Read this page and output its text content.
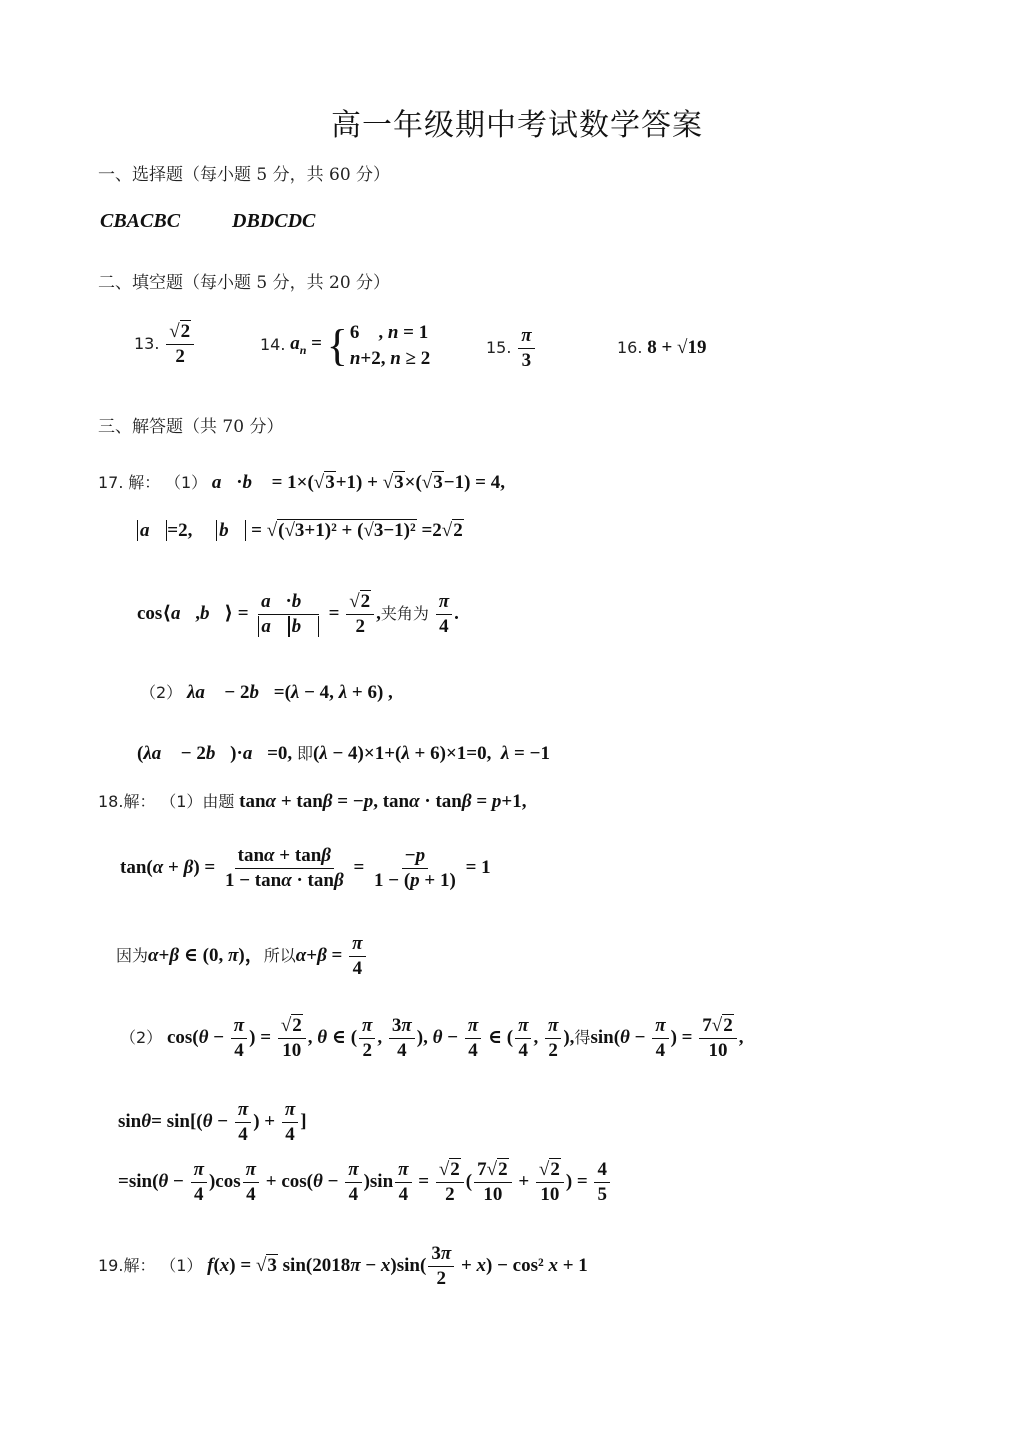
高一年级期中考试数学答案
一、选择题（每小题 5 分，共 60 分）
CBACBC	DBDCDC
二、填空题（每小题 5 分，共 20 分）
13. $\frac{√2}{2}$	14. $a_n$ = { 6    , n = 1
n+2, n ≥ 2
15. $\frac{\pi}{3}$	16. 8 + √19
三、解答题（共 70 分）
17. 解： （1） a⃗·b⃗ = 1×(√3+1) + √3×(√3−1) = 4,
a⃗ =2,     b⃗ = √(√3+1)² + (√3−1)² =2√2
cos⟨a⃗,b⃗⟩ = $\frac{a⃗\cdot b⃗}{a⃗ b⃗} = \frac{√2}{2}$ ,夹角为 $\frac{\pi}{4}$ .
（2） λa⃗ − 2b⃗=(λ − 4, λ + 6) ,
(λa⃗ − 2b⃗)·a⃗=0, 即(λ − 4)×1+(λ + 6)×1=0,  λ = −1
18.解： （1）由题 tanα + tanβ = −p, tanα · tanβ = p+1,
$\tan(\alpha + \beta) = \frac{\tan\alpha + \tan\beta}{1 - \tan\alpha \cdot \tan\beta} = \frac{-p}{1 - (p + 1)} = 1$
因为α+β ∈ (0, π)，所以$\alpha+\beta = \frac{\pi}{4}$
（2） $\cos(\theta - \frac{\pi}{4}$ ) = $\frac{√2}{10}$ , θ ∈ ( $\frac{\pi}{2}$ , $\frac{3\pi}{4}$ ), $\theta - \frac{\pi}{4}$ ∈ ( $\frac{\pi}{4}$ , $\frac{\pi}{2}$ ),得$\sin(\theta - \frac{\pi}{4}$ ) = $\frac{7√2}{10}$ ,
$\sin\theta= \sin[(\theta - \frac{\pi}{4}$ ) + $\frac{\pi}{4}$ ]
$=\sin(\theta - \frac{\pi}{4} )\cos \frac{\pi}{4} + \cos(\theta - \frac{\pi}{4} )\sin \frac{\pi}{4} = \frac{√2}{2}$ ( $\frac{7√2}{10} + \frac{√2}{10}$ ) = $\frac{4}{5}$
19.解： （1） f(x) = √3 $\sin(2018\pi - x)\sin( \frac{3\pi}{2} + x) - \cos^2$ x + 1
